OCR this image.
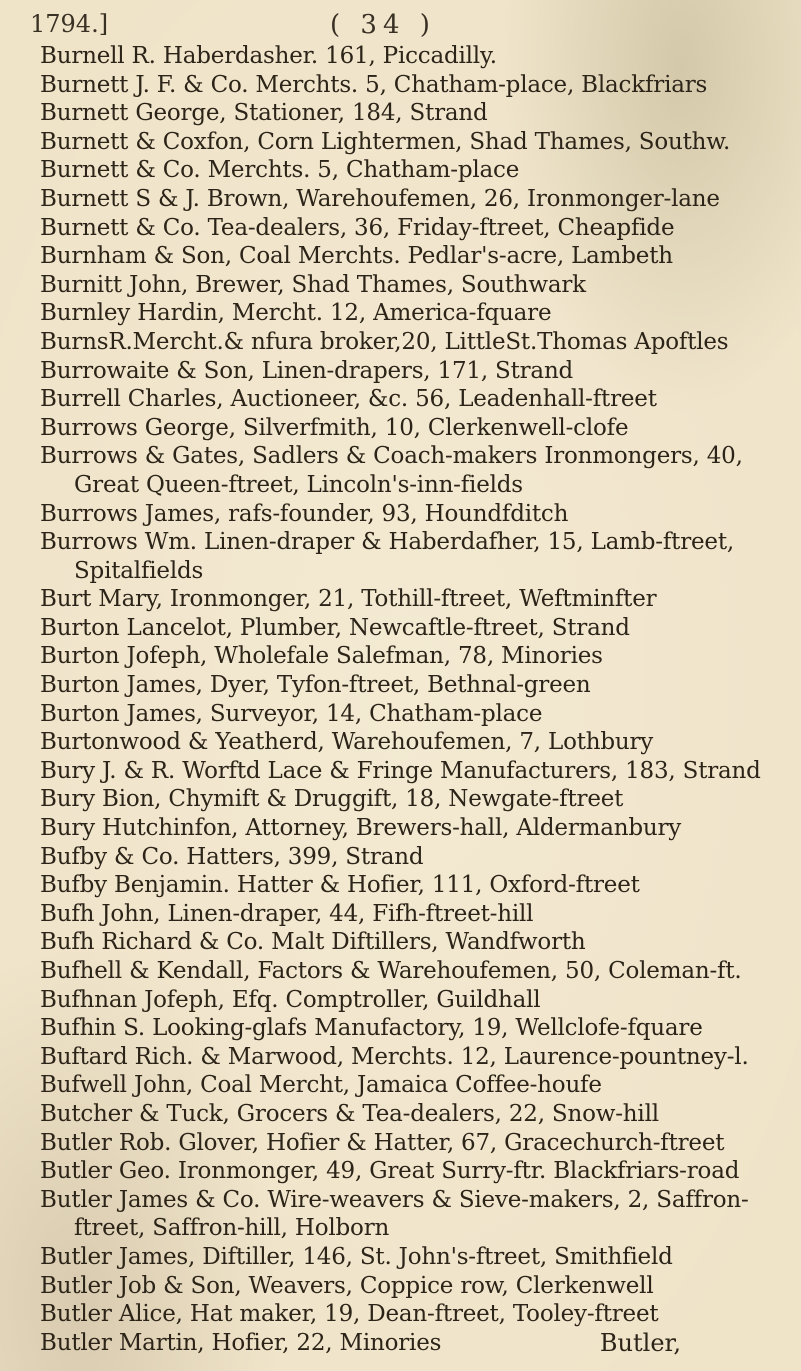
1794.]	( 34 )
Burnell R. Haberdasher. 161, Piccadilly.
Burnett J. F. & Co. Merchts. 5, Chatham-place, Blackfriars
Burnett George, Stationer, 184, Strand
Burnett & Coxfon, Corn Lightermen, Shad Thames, Southw.
Burnett & Co. Merchts. 5, Chatham-place
Burnett S & J. Brown, Warehoufemen, 26, Ironmonger-lane
Burnett & Co. Tea-dealers, 36, Friday-ftreet, Cheapfide
Burnham & Son, Coal Merchts. Pedlar's-acre, Lambeth
Burnitt John, Brewer, Shad Thames, Southwark
Burnley Hardin, Mercht. 12, America-fquare
BurnsR.Mercht.& nfura broker,20, LittleSt.Thomas Apoftles
Burrowaite & Son, Linen-drapers, 171, Strand
Burrell Charles, Auctioneer, &c. 56, Leadenhall-ftreet
Burrows George, Silverfmith, 10, Clerkenwell-clofe
Burrows & Gates, Sadlers & Coach-makers Ironmongers, 40,
Great Queen-ftreet, Lincoln's-inn-fields
Burrows James, rafs-founder, 93, Houndfditch
Burrows Wm. Linen-draper & Haberdafher, 15, Lamb-ftreet,
Spitalfields
Burt Mary, Ironmonger, 21, Tothill-ftreet, Weftminfter
Burton Lancelot, Plumber, Newcaftle-ftreet, Strand
Burton Jofeph, Wholefale Salefman, 78, Minories
Burton James, Dyer, Tyfon-ftreet, Bethnal-green
Burton James, Surveyor, 14, Chatham-place
Burtonwood & Yeatherd, Warehoufemen, 7, Lothbury
Bury J. & R. Worftd Lace & Fringe Manufacturers, 183, Strand
Bury Bion, Chymift & Druggift, 18, Newgate-ftreet
Bury Hutchinfon, Attorney, Brewers-hall, Aldermanbury
Bufby & Co. Hatters, 399, Strand
Bufby Benjamin. Hatter & Hofier, 111, Oxford-ftreet
Bufh John, Linen-draper, 44, Fifh-ftreet-hill
Bufh Richard & Co. Malt Diftillers, Wandfworth
Bufhell & Kendall, Factors & Warehoufemen, 50, Coleman-ft.
Bufhnan Jofeph, Efq. Comptroller, Guildhall
Bufhin S. Looking-glafs Manufactory, 19, Wellclofe-fquare
Buftard Rich. & Marwood, Merchts. 12, Laurence-pountney-l.
Bufwell John, Coal Mercht, Jamaica Coffee-houfe
Butcher & Tuck, Grocers & Tea-dealers, 22, Snow-hill
Butler Rob. Glover, Hofier & Hatter, 67, Gracechurch-ftreet
Butler Geo. Ironmonger, 49, Great Surry-ftr. Blackfriars-road
Butler James & Co. Wire-weavers & Sieve-makers, 2, Saffron-
ftreet, Saffron-hill, Holborn
Butler James, Diftiller, 146, St. John's-ftreet, Smithfield
Butler Job & Son, Weavers, Coppice row, Clerkenwell
Butler Alice, Hat maker, 19, Dean-ftreet, Tooley-ftreet
Butler Martin, Hofier, 22, Minories	Butler,
